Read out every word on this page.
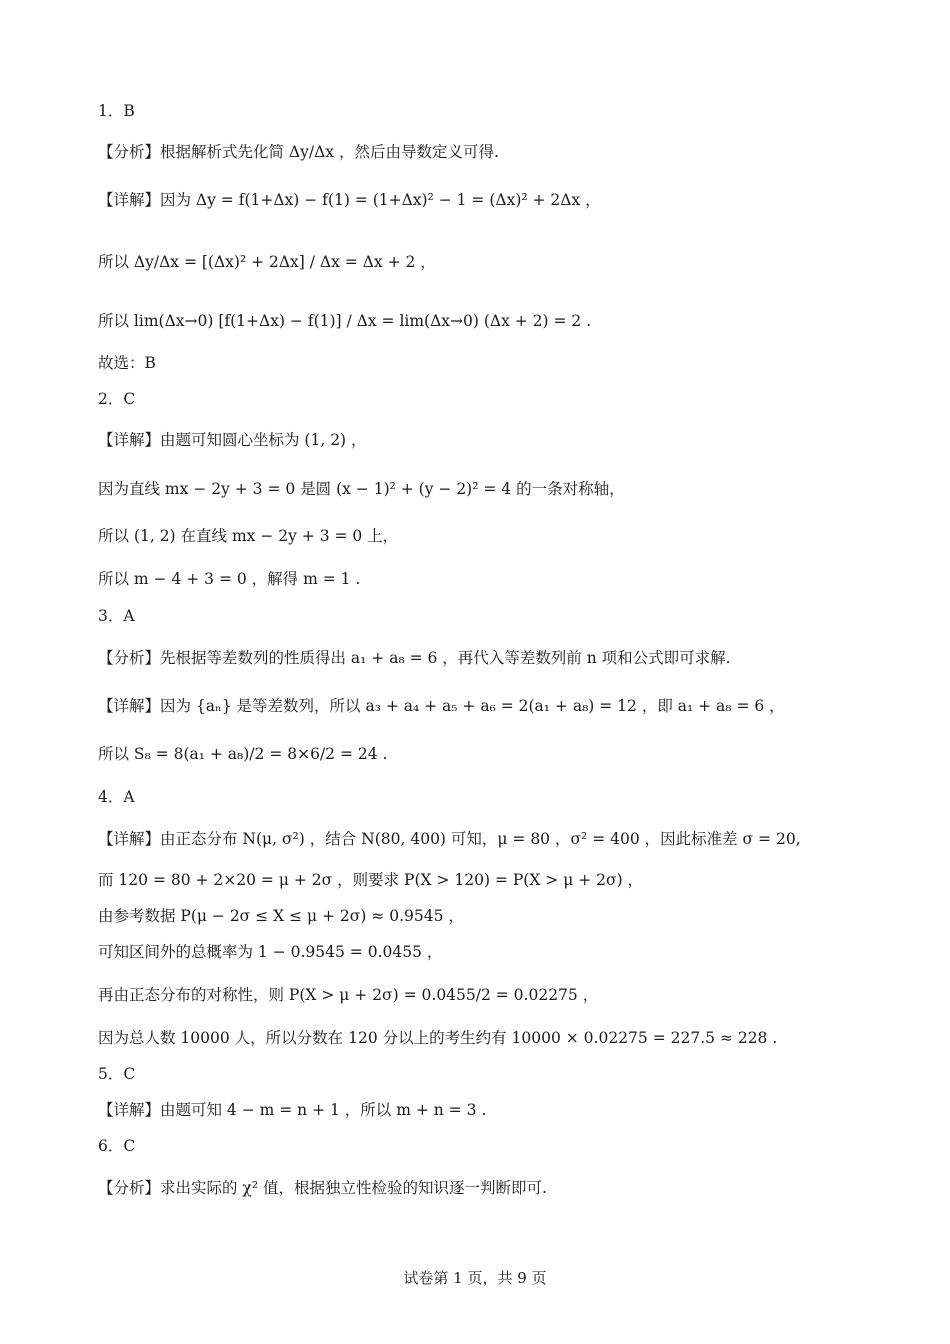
1．B
【分析】根据解析式先化简 Δy/Δx ，然后由导数定义可得.
【详解】因为 Δy = f(1+Δx) − f(1) = (1+Δx)² − 1 = (Δx)² + 2Δx ，
所以 Δy/Δx = [(Δx)² + 2Δx] / Δx = Δx + 2 ，
所以 lim(Δx→0) [f(1+Δx) − f(1)] / Δx = lim(Δx→0) (Δx + 2) = 2 .
故选：B
2．C
【详解】由题可知圆心坐标为 (1, 2) ，
因为直线 mx − 2y + 3 = 0 是圆 (x − 1)² + (y − 2)² = 4 的一条对称轴，
所以 (1, 2) 在直线 mx − 2y + 3 = 0 上，
所以 m − 4 + 3 = 0 ，解得 m = 1 .
3．A
【分析】先根据等差数列的性质得出 a₁ + a₈ = 6 ，再代入等差数列前 n 项和公式即可求解.
【详解】因为 {aₙ} 是等差数列，所以 a₃ + a₄ + a₅ + a₆ = 2(a₁ + a₈) = 12 ，即 a₁ + a₈ = 6 ，
所以 S₈ = 8(a₁ + a₈)/2 = 8×6/2 = 24 .
4．A
【详解】由正态分布 N(μ, σ²) ，结合 N(80, 400) 可知，μ = 80 ，σ² = 400 ，因此标准差 σ = 20,
而 120 = 80 + 2×20 = μ + 2σ ，则要求 P(X > 120) = P(X > μ + 2σ) ，
由参考数据 P(μ − 2σ ≤ X ≤ μ + 2σ) ≈ 0.9545 ，
可知区间外的总概率为 1 − 0.9545 = 0.0455 ，
再由正态分布的对称性，则 P(X > μ + 2σ) = 0.0455/2 = 0.02275 ，
因为总人数 10000 人，所以分数在 120 分以上的考生约有 10000 × 0.02275 = 227.5 ≈ 228 .
5．C
【详解】由题可知 4 − m = n + 1 ，所以 m + n = 3 .
6．C
【分析】求出实际的 χ² 值，根据独立性检验的知识逐一判断即可.
试卷第 1 页，共 9 页
